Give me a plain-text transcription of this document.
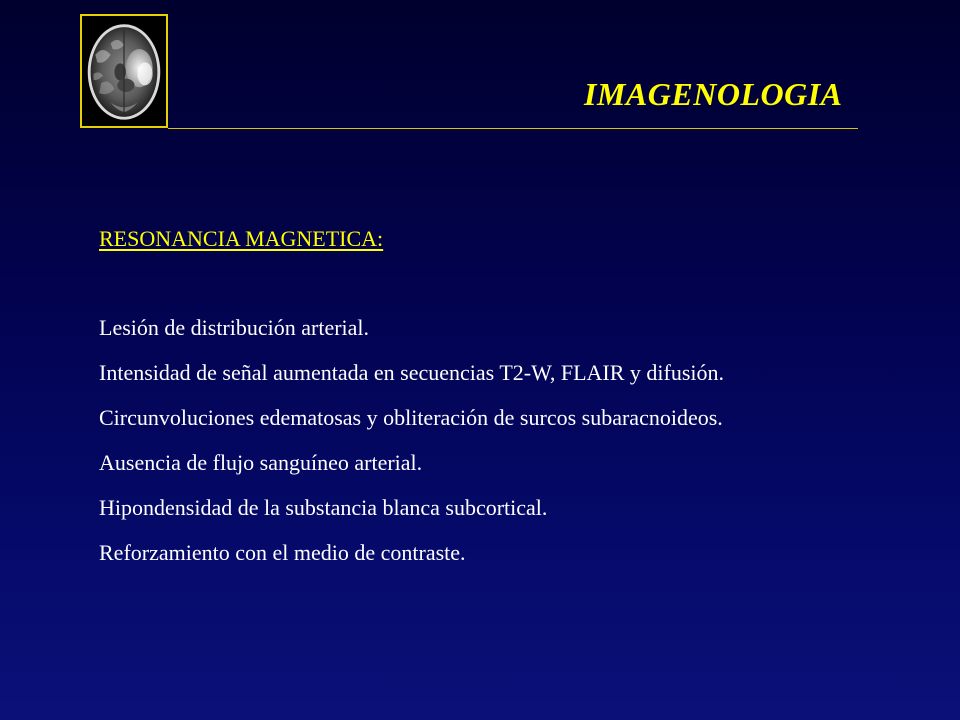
IMAGENOLOGIA
RESONANCIA MAGNETICA:
Lesión de distribución arterial.
Intensidad de señal aumentada en secuencias T2-W, FLAIR y difusión.
Circunvoluciones edematosas y obliteración de surcos subaracnoideos.
Ausencia de flujo sanguíneo arterial.
Hipondensidad de la substancia blanca subcortical.
Reforzamiento con el medio de contraste.
